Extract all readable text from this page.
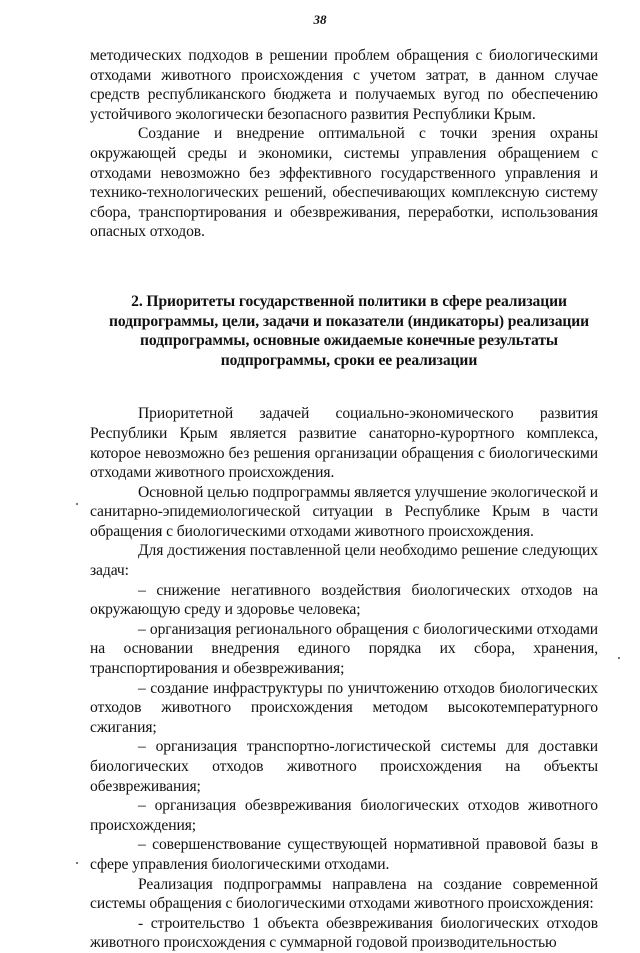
38

методических подходов в решении проблем обращения с биологическими отходами животного происхождения с учетом затрат, в данном случае средств республиканского бюджета и получаемых вyгод по обеспечению устойчивого экологически безопасного развития Республики Крым.

Создание и внедрение оптимальной с точки зрения охраны окружающей среды и экономики, системы управления обращением с отходами невозможно без эффективного государственного управления и технико-технологических решений, обеспечивающих комплексную систему сбора, транспортирования и обезвреживания, переработки, использования опасных отходов.

2. Приоритеты государственной политики в сфере реализации подпрограммы, цели, задачи и показатели (индикаторы) реализации подпрограммы, основные ожидаемые конечные результаты подпрограммы, сроки ее реализации

Приоритетной задачей социально-экономического развития Республики Крым является развитие санаторно-курортного комплекса, которое невозможно без решения организации обращения с биологическими отходами животного происхождения.

Основной целью подпрограммы является улучшение экологической и санитарно-эпидемиологической ситуации в Республике Крым в части обращения с биологическими отходами животного происхождения.

Для достижения поставленной цели необходимо решение следующих задач:

– снижение негативного воздействия биологических отходов на окружающую среду и здоровье человека;

– организация регионального обращения с биологическими отходами на основании внедрения единого порядка их сбора, хранения, транспортирования и обезвреживания;

– создание инфраструктуры по уничтожению отходов биологических отходов животного происхождения методом высокотемпературного сжигания;

– организация транспортно-логистической системы для доставки биологических отходов животного происхождения на объекты обезвреживания;

– организация обезвреживания биологических отходов животного происхождения;

– совершенствование существующей нормативной правовой базы в сфере управления биологическими отходами.

Реализация подпрограммы направлена на создание современной системы обращения с биологическими отходами животного происхождения:

- строительство 1 объекта обезвреживания биологических отходов животного происхождения с суммарной годовой производительностью
